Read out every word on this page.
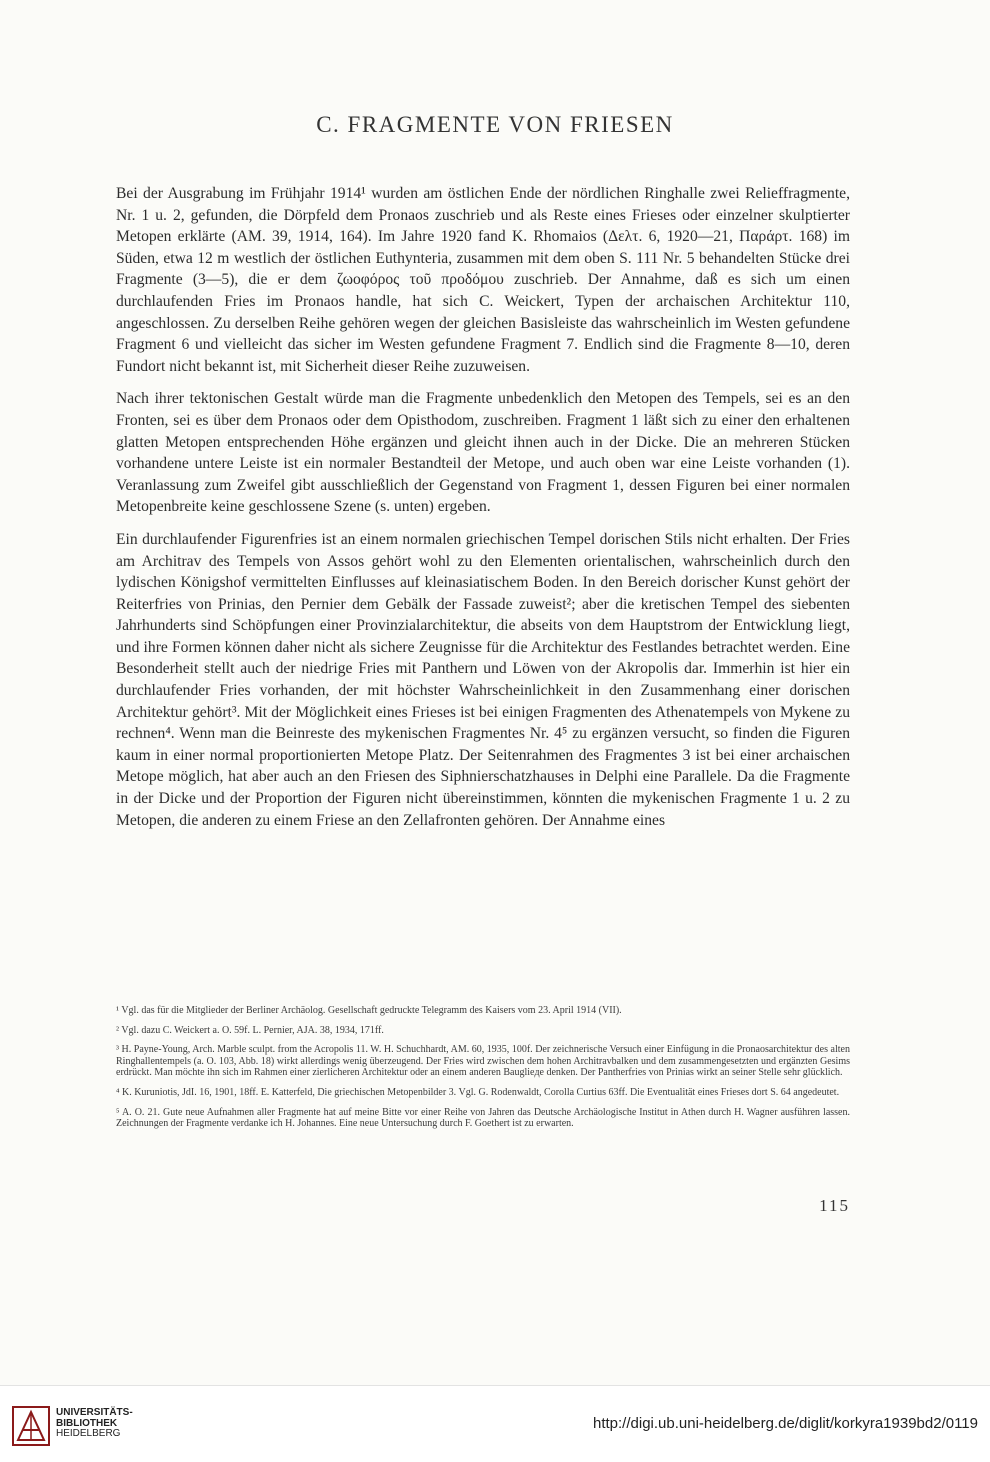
C. FRAGMENTE VON FRIESEN

Bei der Ausgrabung im Frühjahr 1914¹ wurden am östlichen Ende der nördlichen Ringhalle zwei Relieffragmente, Nr. 1 u. 2, gefunden, die Dörpfeld dem Pronaos zuschrieb und als Reste eines Frieses oder einzelner skulptierter Metopen erklärte (AM. 39, 1914, 164). Im Jahre 1920 fand K. Rhomaios (Δελτ. 6, 1920—21, Παράρτ. 168) im Süden, etwa 12 m westlich der östlichen Euthynteria, zusammen mit dem oben S. 111 Nr. 5 behandelten Stücke drei Fragmente (3—5), die er dem ζωοφόρος τοῦ προδόμου zuschrieb. Der Annahme, daß es sich um einen durchlaufenden Fries im Pronaos handle, hat sich C. Weickert, Typen der archaischen Architektur 110, angeschlossen. Zu derselben Reihe gehören wegen der gleichen Basisleiste das wahrscheinlich im Westen gefundene Fragment 6 und vielleicht das sicher im Westen gefundene Fragment 7. Endlich sind die Fragmente 8—10, deren Fundort nicht bekannt ist, mit Sicherheit dieser Reihe zuzuweisen.

Nach ihrer tektonischen Gestalt würde man die Fragmente unbedenklich den Metopen des Tempels, sei es an den Fronten, sei es über dem Pronaos oder dem Opisthodom, zuschreiben. Fragment 1 läßt sich zu einer den erhaltenen glatten Metopen entsprechenden Höhe ergänzen und gleicht ihnen auch in der Dicke. Die an mehreren Stücken vorhandene untere Leiste ist ein normaler Bestandteil der Metope, und auch oben war eine Leiste vorhanden (1). Veranlassung zum Zweifel gibt ausschließlich der Gegenstand von Fragment 1, dessen Figuren bei einer normalen Metopenbreite keine geschlossene Szene (s. unten) ergeben.

Ein durchlaufender Figurenfries ist an einem normalen griechischen Tempel dorischen Stils nicht erhalten. Der Fries am Architrav des Tempels von Assos gehört wohl zu den Elementen orientalischen, wahrscheinlich durch den lydischen Königshof vermittelten Einflusses auf kleinasiatischem Boden. In den Bereich dorischer Kunst gehört der Reiterfries von Prinias, den Pernier dem Gebälk der Fassade zuweist²; aber die kretischen Tempel des siebenten Jahrhunderts sind Schöpfungen einer Provinzialarchitektur, die abseits von dem Hauptstrom der Entwicklung liegt, und ihre Formen können daher nicht als sichere Zeugnisse für die Architektur des Festlandes betrachtet werden. Eine Besonderheit stellt auch der niedrige Fries mit Panthern und Löwen von der Akropolis dar. Immerhin ist hier ein durchlaufender Fries vorhanden, der mit höchster Wahrscheinlichkeit in den Zusammenhang einer dorischen Architektur gehört³. Mit der Möglichkeit eines Frieses ist bei einigen Fragmenten des Athenatempels von Mykene zu rechnen⁴. Wenn man die Beinreste des mykenischen Fragmentes Nr. 4⁵ zu ergänzen versucht, so finden die Figuren kaum in einer normal proportionierten Metope Platz. Der Seitenrahmen des Fragmentes 3 ist bei einer archaischen Metope möglich, hat aber auch an den Friesen des Siphnierschatzhauses in Delphi eine Parallele. Da die Fragmente in der Dicke und der Proportion der Figuren nicht übereinstimmen, könnten die mykenischen Fragmente 1 u. 2 zu Metopen, die anderen zu einem Friese an den Zellafronten gehören. Der Annahme eines

¹ Vgl. das für die Mitglieder der Berliner Archäolog. Gesellschaft gedruckte Telegramm des Kaisers vom 23. April 1914 (VII).

² Vgl. dazu C. Weickert a. O. 59f. L. Pernier, AJA. 38, 1934, 171ff.

³ H. Payne-Young, Arch. Marble sculpt. from the Acropolis 11. W. H. Schuchhardt, AM. 60, 1935, 100f. Der zeichnerische Versuch einer Einfügung in die Pronaosarchitektur des alten Ringhallentempels (a. O. 103, Abb. 18) wirkt allerdings wenig überzeugend. Der Fries wird zwischen dem hohen Architravbalken und dem zusammengesetzten und ergänzten Gesims erdrückt. Man möchte ihn sich im Rahmen einer zierlicheren Architektur oder an einem anderen Bauglieде denken. Der Pantherfries von Prinias wirkt an seiner Stelle sehr glücklich.

⁴ K. Kuruniotis, JdI. 16, 1901, 18ff. E. Katterfeld, Die griechischen Metopenbilder 3. Vgl. G. Rodenwaldt, Corolla Curtius 63ff. Die Eventualität eines Frieses dort S. 64 angedeutet.

⁵ A. O. 21. Gute neue Aufnahmen aller Fragmente hat auf meine Bitte vor einer Reihe von Jahren das Deutsche Archäologische Institut in Athen durch H. Wagner ausführen lassen. Zeichnungen der Fragmente verdanke ich H. Johannes. Eine neue Untersuchung durch F. Goethert ist zu erwarten.

115
UNIVERSITÄTS-
BIBLIOTHEK
HEIDELBERG
http://digi.ub.uni-heidelberg.de/diglit/korkyra1939bd2/0119
